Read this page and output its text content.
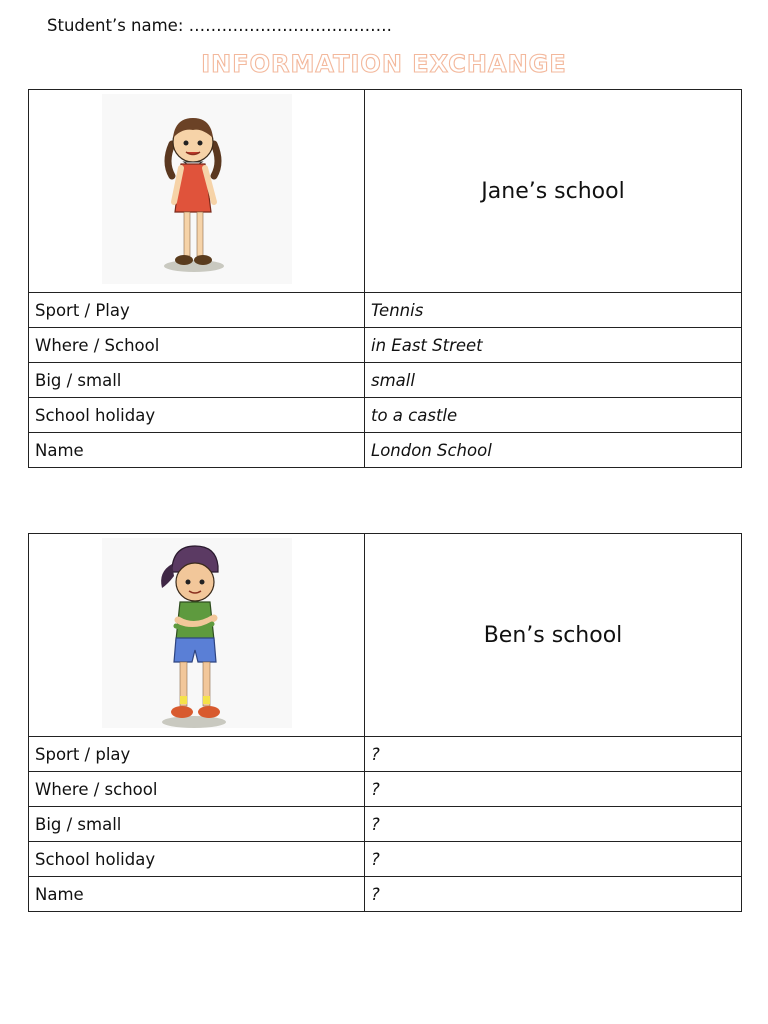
Student’s name: ……………………………….
INFORMATION EXCHANGE
	Jane’s school
Sport / Play	Tennis
Where / School	in East Street
Big / small	small
School holiday	to a castle
Name	London School
	Ben’s school
Sport / play	?
Where / school	?
Big / small	?
School holiday	?
Name	?
